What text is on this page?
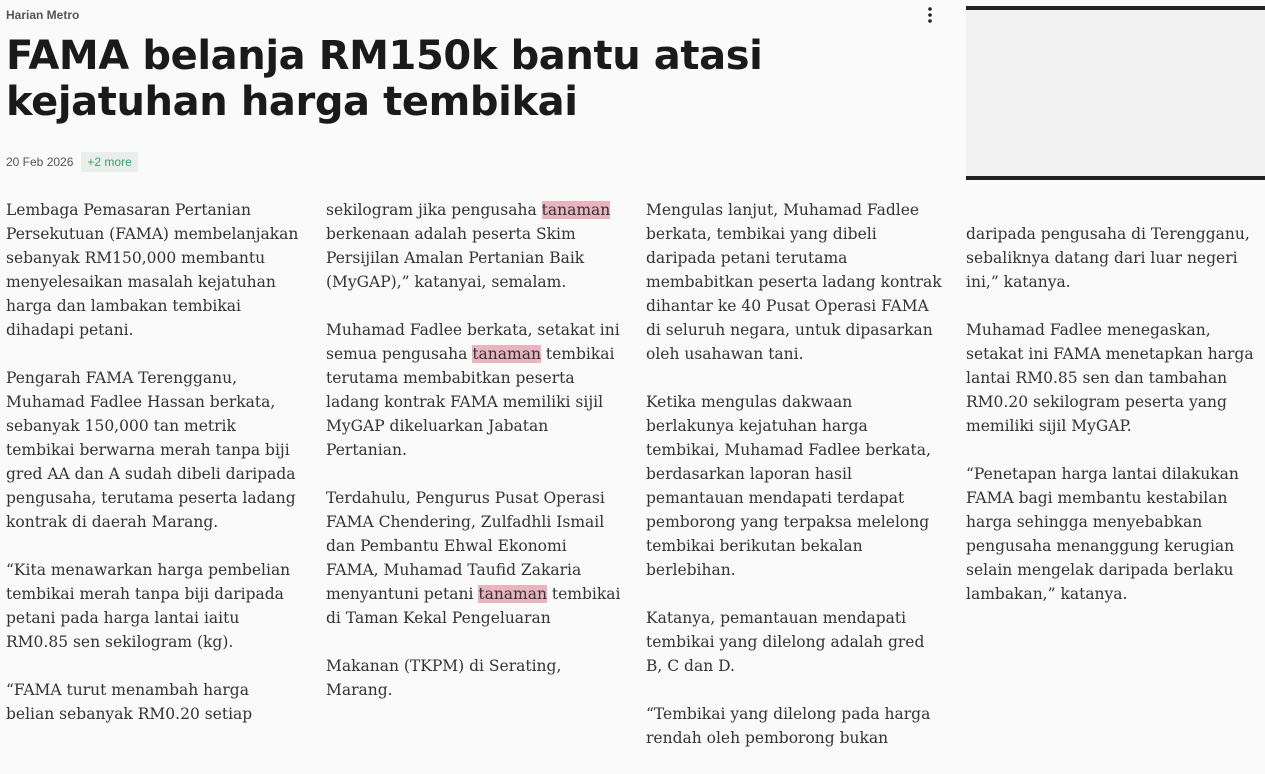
Harian Metro
FAMA belanja RM150k bantu atasi kejatuhan harga tembikai
20 Feb 2026	+2 more

Lembaga Pemasaran Pertanian Persekutuan (FAMA) membelanjakan sebanyak RM150,000 membantu menyelesaikan masalah kejatuhan harga dan lambakan tembikai dihadapi petani.

Pengarah FAMA Terengganu, Muhamad Fadlee Hassan berkata, sebanyak 150,000 tan metrik tembikai berwarna merah tanpa biji gred AA dan A sudah dibeli daripada pengusaha, terutama peserta ladang kontrak di daerah Marang.

“Kita menawarkan harga pembelian tembikai merah tanpa biji daripada petani pada harga lantai iaitu RM0.85 sen sekilogram (kg).

“FAMA turut menambah harga belian sebanyak RM0.20 setiap

sekilogram jika pengusaha tanaman berkenaan adalah peserta Skim Persijilan Amalan Pertanian Baik (MyGAP),” katanyai, semalam.

Muhamad Fadlee berkata, setakat ini semua pengusaha tanaman tembikai terutama membabitkan peserta ladang kontrak FAMA memiliki sijil MyGAP dikeluarkan Jabatan Pertanian.

Terdahulu, Pengurus Pusat Operasi FAMA Chendering, Zulfadhli Ismail dan Pembantu Ehwal Ekonomi FAMA, Muhamad Taufid Zakaria menyantuni petani tanaman tembikai di Taman Kekal Pengeluaran

Makanan (TKPM) di Serating, Marang.

Mengulas lanjut, Muhamad Fadlee berkata, tembikai yang dibeli daripada petani terutama membabitkan peserta ladang kontrak dihantar ke 40 Pusat Operasi FAMA di seluruh negara, untuk dipasarkan oleh usahawan tani.

Ketika mengulas dakwaan berlakunya kejatuhan harga tembikai, Muhamad Fadlee berkata, berdasarkan laporan hasil pemantauan mendapati terdapat pemborong yang terpaksa melelong tembikai berikutan bekalan berlebihan.

Katanya, pemantauan mendapati tembikai yang dilelong adalah gred B, C dan D.

“Tembikai yang dilelong pada harga rendah oleh pemborong bukan

daripada pengusaha di Terengganu, sebaliknya datang dari luar negeri ini,” katanya.

Muhamad Fadlee menegaskan, setakat ini FAMA menetapkan harga lantai RM0.85 sen dan tambahan RM0.20 sekilogram peserta yang memiliki sijil MyGAP.

“Penetapan harga lantai dilakukan FAMA bagi membantu kestabilan harga sehingga menyebabkan pengusaha menanggung kerugian selain mengelak daripada berlaku lambakan,” katanya.
